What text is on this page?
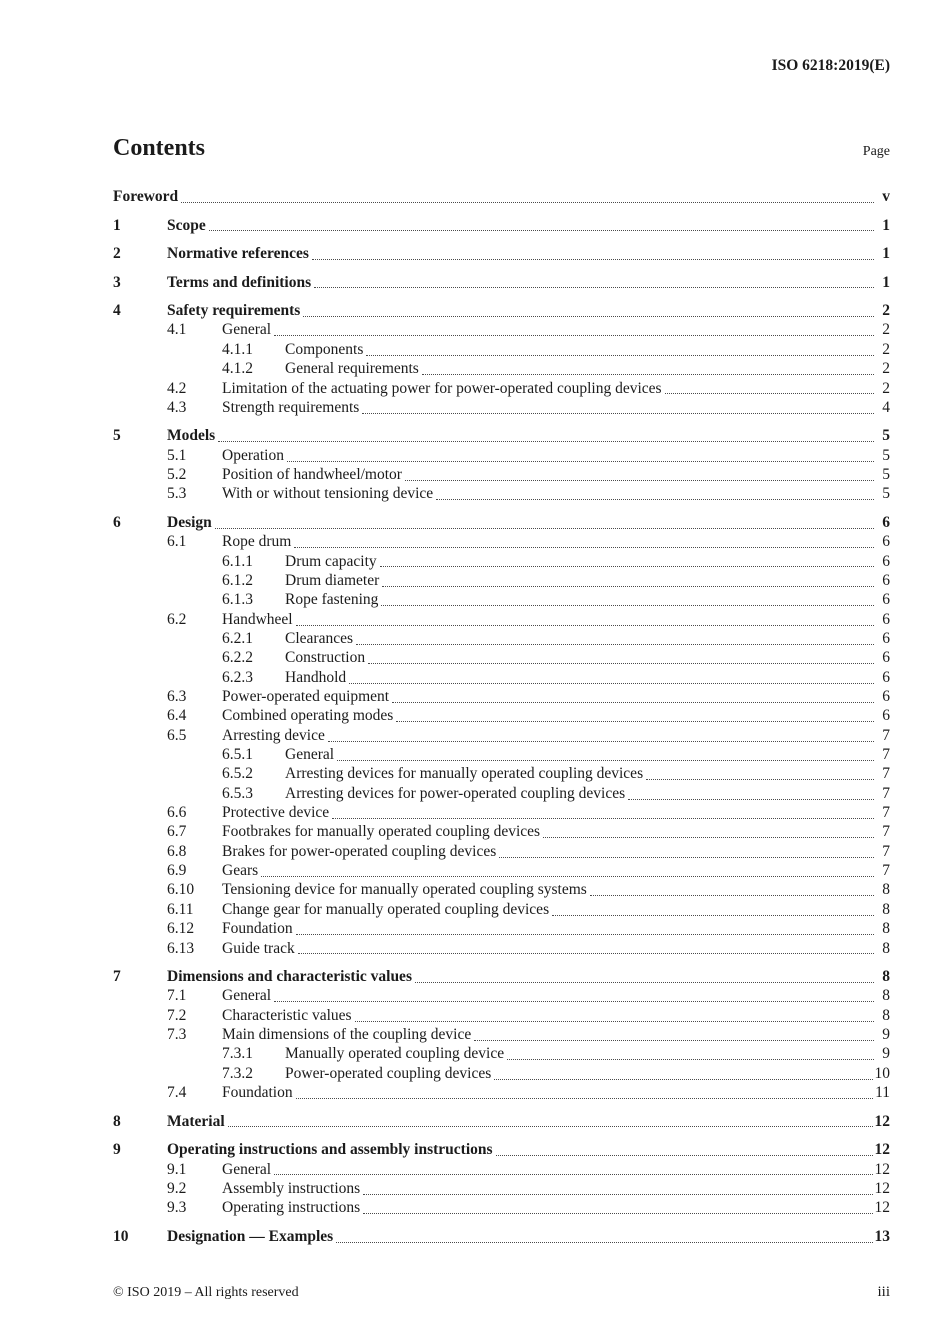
ISO 6218:2019(E)
Contents	Page
Foreword	v
1	Scope	1
2	Normative references	1
3	Terms and definitions	1
4	Safety requirements	2
4.1	General	2
4.1.1	Components	2
4.1.2	General requirements	2
4.2	Limitation of the actuating power for power-operated coupling devices	2
4.3	Strength requirements	4
5	Models	5
5.1	Operation	5
5.2	Position of handwheel/motor	5
5.3	With or without tensioning device	5
6	Design	6
6.1	Rope drum	6
6.1.1	Drum capacity	6
6.1.2	Drum diameter	6
6.1.3	Rope fastening	6
6.2	Handwheel	6
6.2.1	Clearances	6
6.2.2	Construction	6
6.2.3	Handhold	6
6.3	Power-operated equipment	6
6.4	Combined operating modes	6
6.5	Arresting device	7
6.5.1	General	7
6.5.2	Arresting devices for manually operated coupling devices	7
6.5.3	Arresting devices for power-operated coupling devices	7
6.6	Protective device	7
6.7	Footbrakes for manually operated coupling devices	7
6.8	Brakes for power-operated coupling devices	7
6.9	Gears	7
6.10	Tensioning device for manually operated coupling systems	8
6.11	Change gear for manually operated coupling devices	8
6.12	Foundation	8
6.13	Guide track	8
7	Dimensions and characteristic values	8
7.1	General	8
7.2	Characteristic values	8
7.3	Main dimensions of the coupling device	9
7.3.1	Manually operated coupling device	9
7.3.2	Power-operated coupling devices	10
7.4	Foundation	11
8	Material	12
9	Operating instructions and assembly instructions	12
9.1	General	12
9.2	Assembly instructions	12
9.3	Operating instructions	12
10	Designation — Examples	13
© ISO 2019 – All rights reserved	iii
